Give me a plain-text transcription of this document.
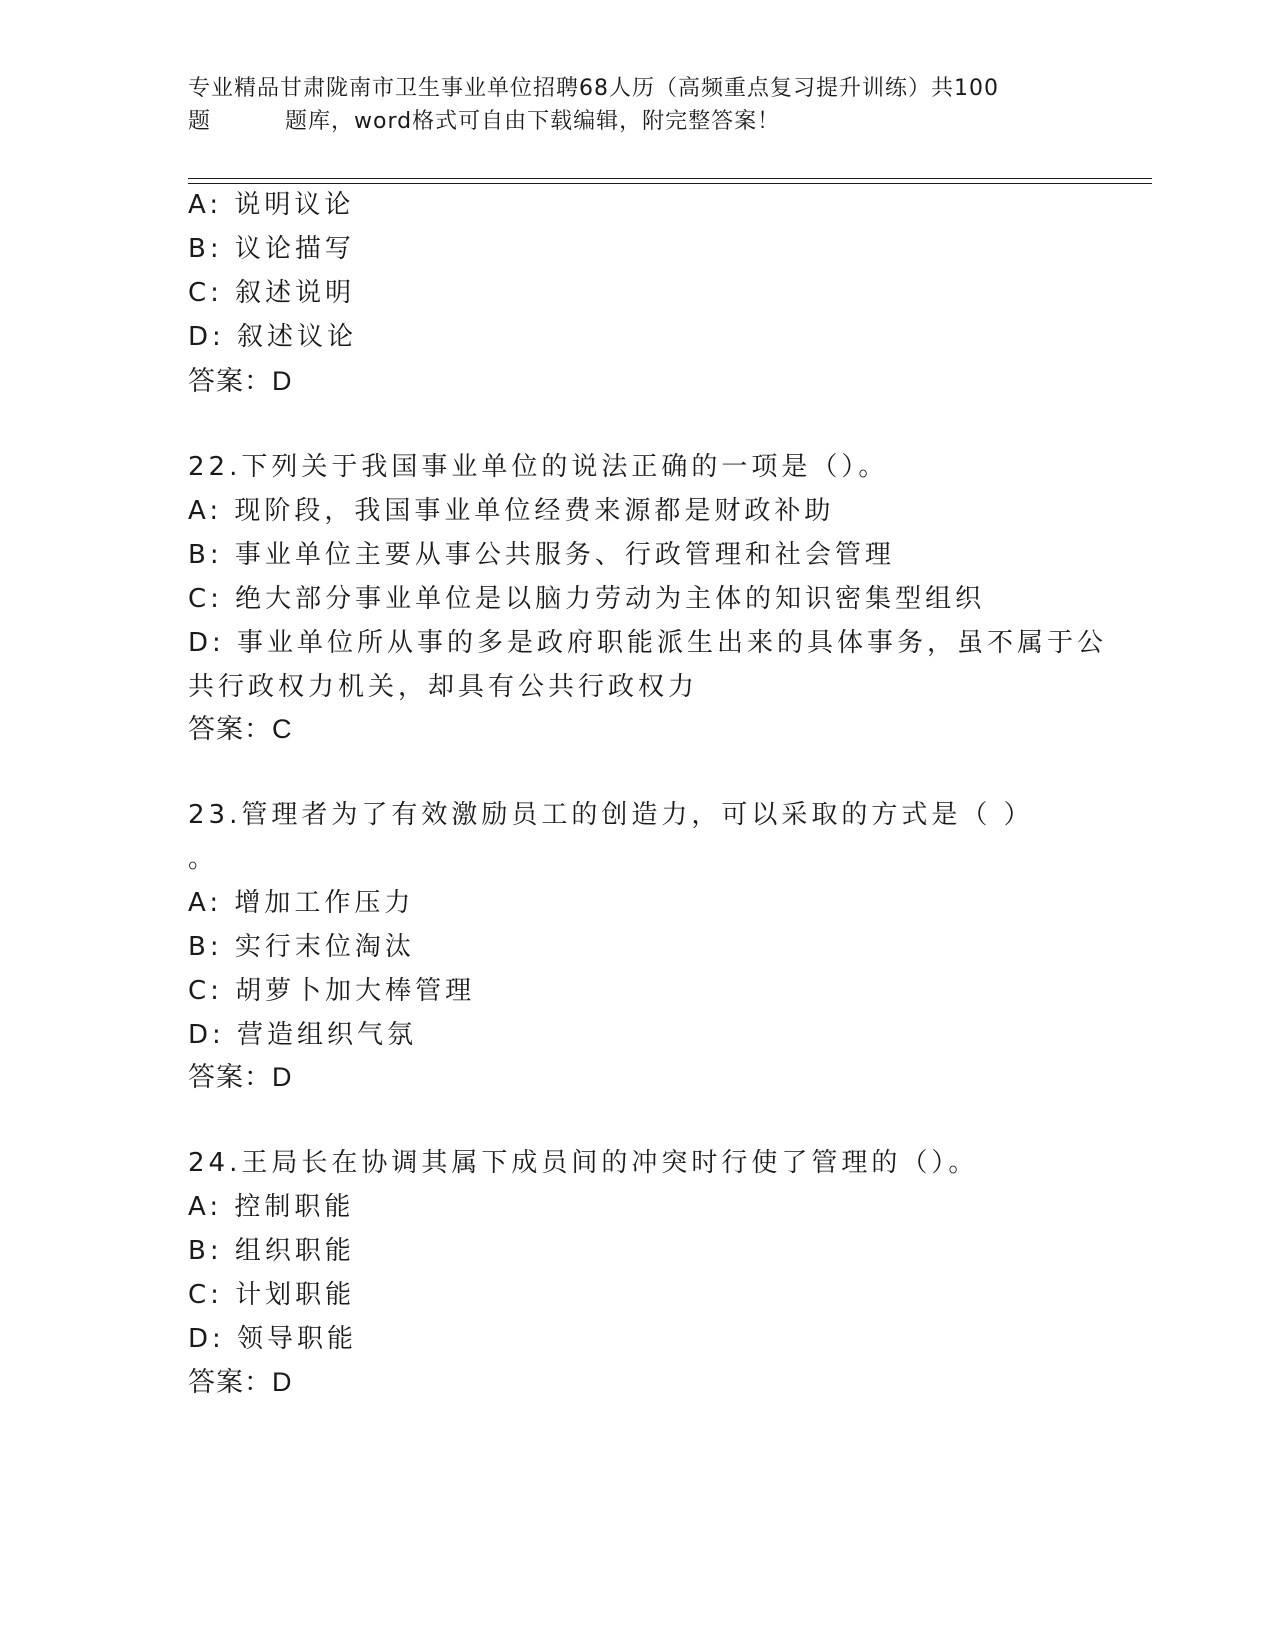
专业精品甘肃陇南市卫生事业单位招聘68人历（高频重点复习提升训练）共100
题	题库，word格式可自由下载编辑，附完整答案！
A: 说明议论
B: 议论描写
C: 叙述说明
D: 叙述议论
答案：D
22.下列关于我国事业单位的说法正确的一项是（）。
A: 现阶段，我国事业单位经费来源都是财政补助
B: 事业单位主要从事公共服务、行政管理和社会管理
C: 绝大部分事业单位是以脑力劳动为主体的知识密集型组织
D: 事业单位所从事的多是政府职能派生出来的具体事务，虽不属于公
共行政权力机关，却具有公共行政权力
答案：C
23.管理者为了有效激励员工的创造力，可以采取的方式是（ ）
。
A: 增加工作压力
B: 实行末位淘汰
C: 胡萝卜加大棒管理
D: 营造组织气氛
答案：D
24.王局长在协调其属下成员间的冲突时行使了管理的（）。
A: 控制职能
B: 组织职能
C: 计划职能
D: 领导职能
答案：D
